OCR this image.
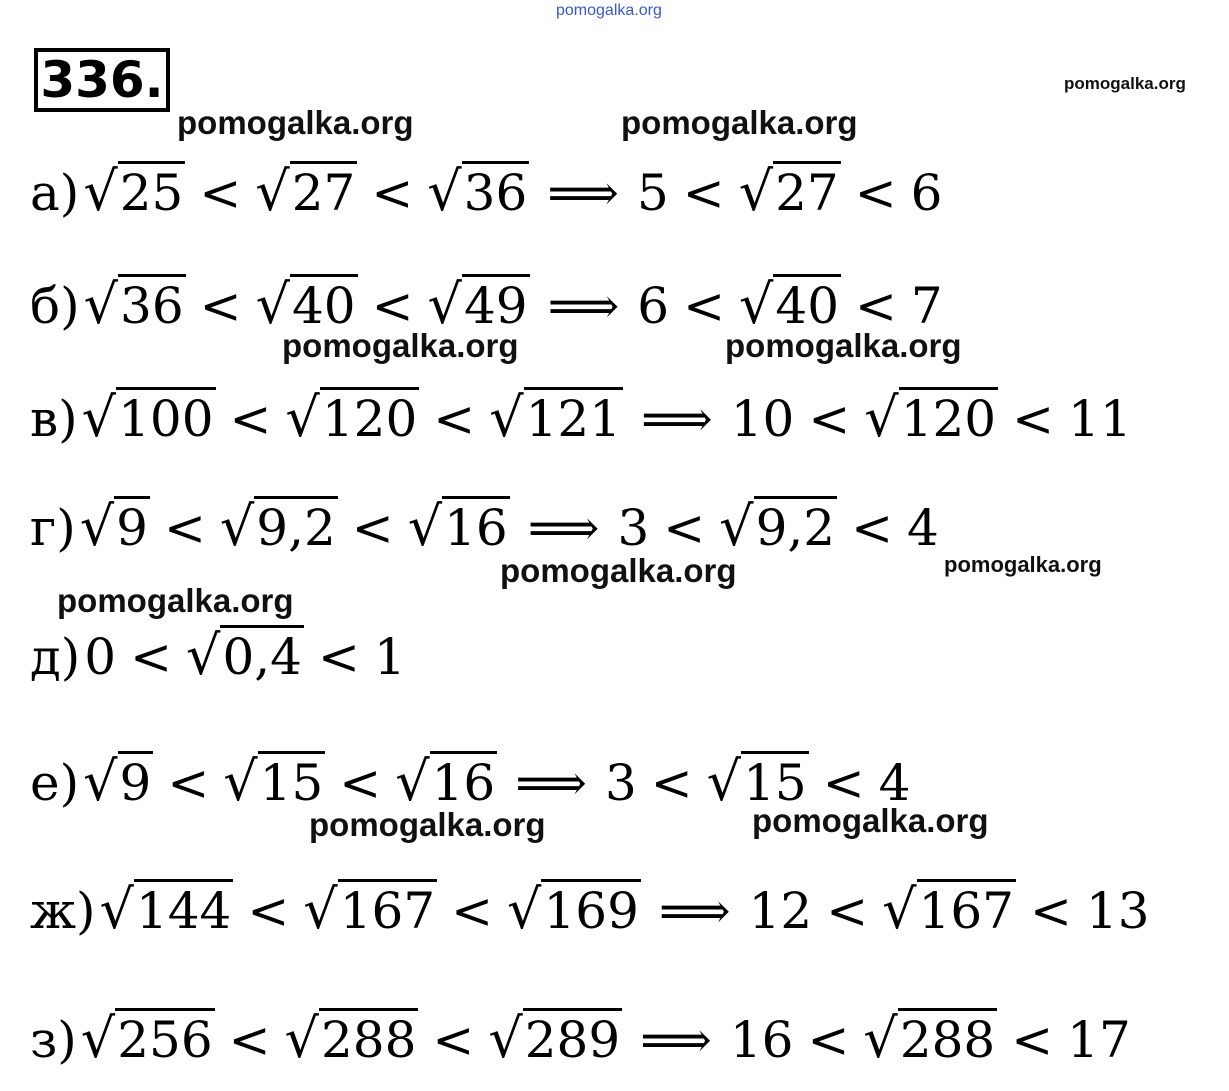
pomogalka.org
336.	pomogalka.org
pomogalka.org	pomogalka.org
pomogalka.org	pomogalka.org
pomogalka.org	pomogalka.org
pomogalka.org
pomogalka.org	pomogalka.org
а)√25 < √27 < √36 ⟹ 5 < √27 < 6
б)√36 < √40 < √49 ⟹ 6 < √40 < 7
в)√100 < √120 < √121 ⟹ 10 < √120 < 11
г)√9 < √9,2 < √16 ⟹ 3 < √9,2 < 4
д)0 < √0,4 < 1
е)√9 < √15 < √16 ⟹ 3 < √15 < 4
ж)√144 < √167 < √169 ⟹ 12 < √167 < 13
з)√256 < √288 < √289 ⟹ 16 < √288 < 17
